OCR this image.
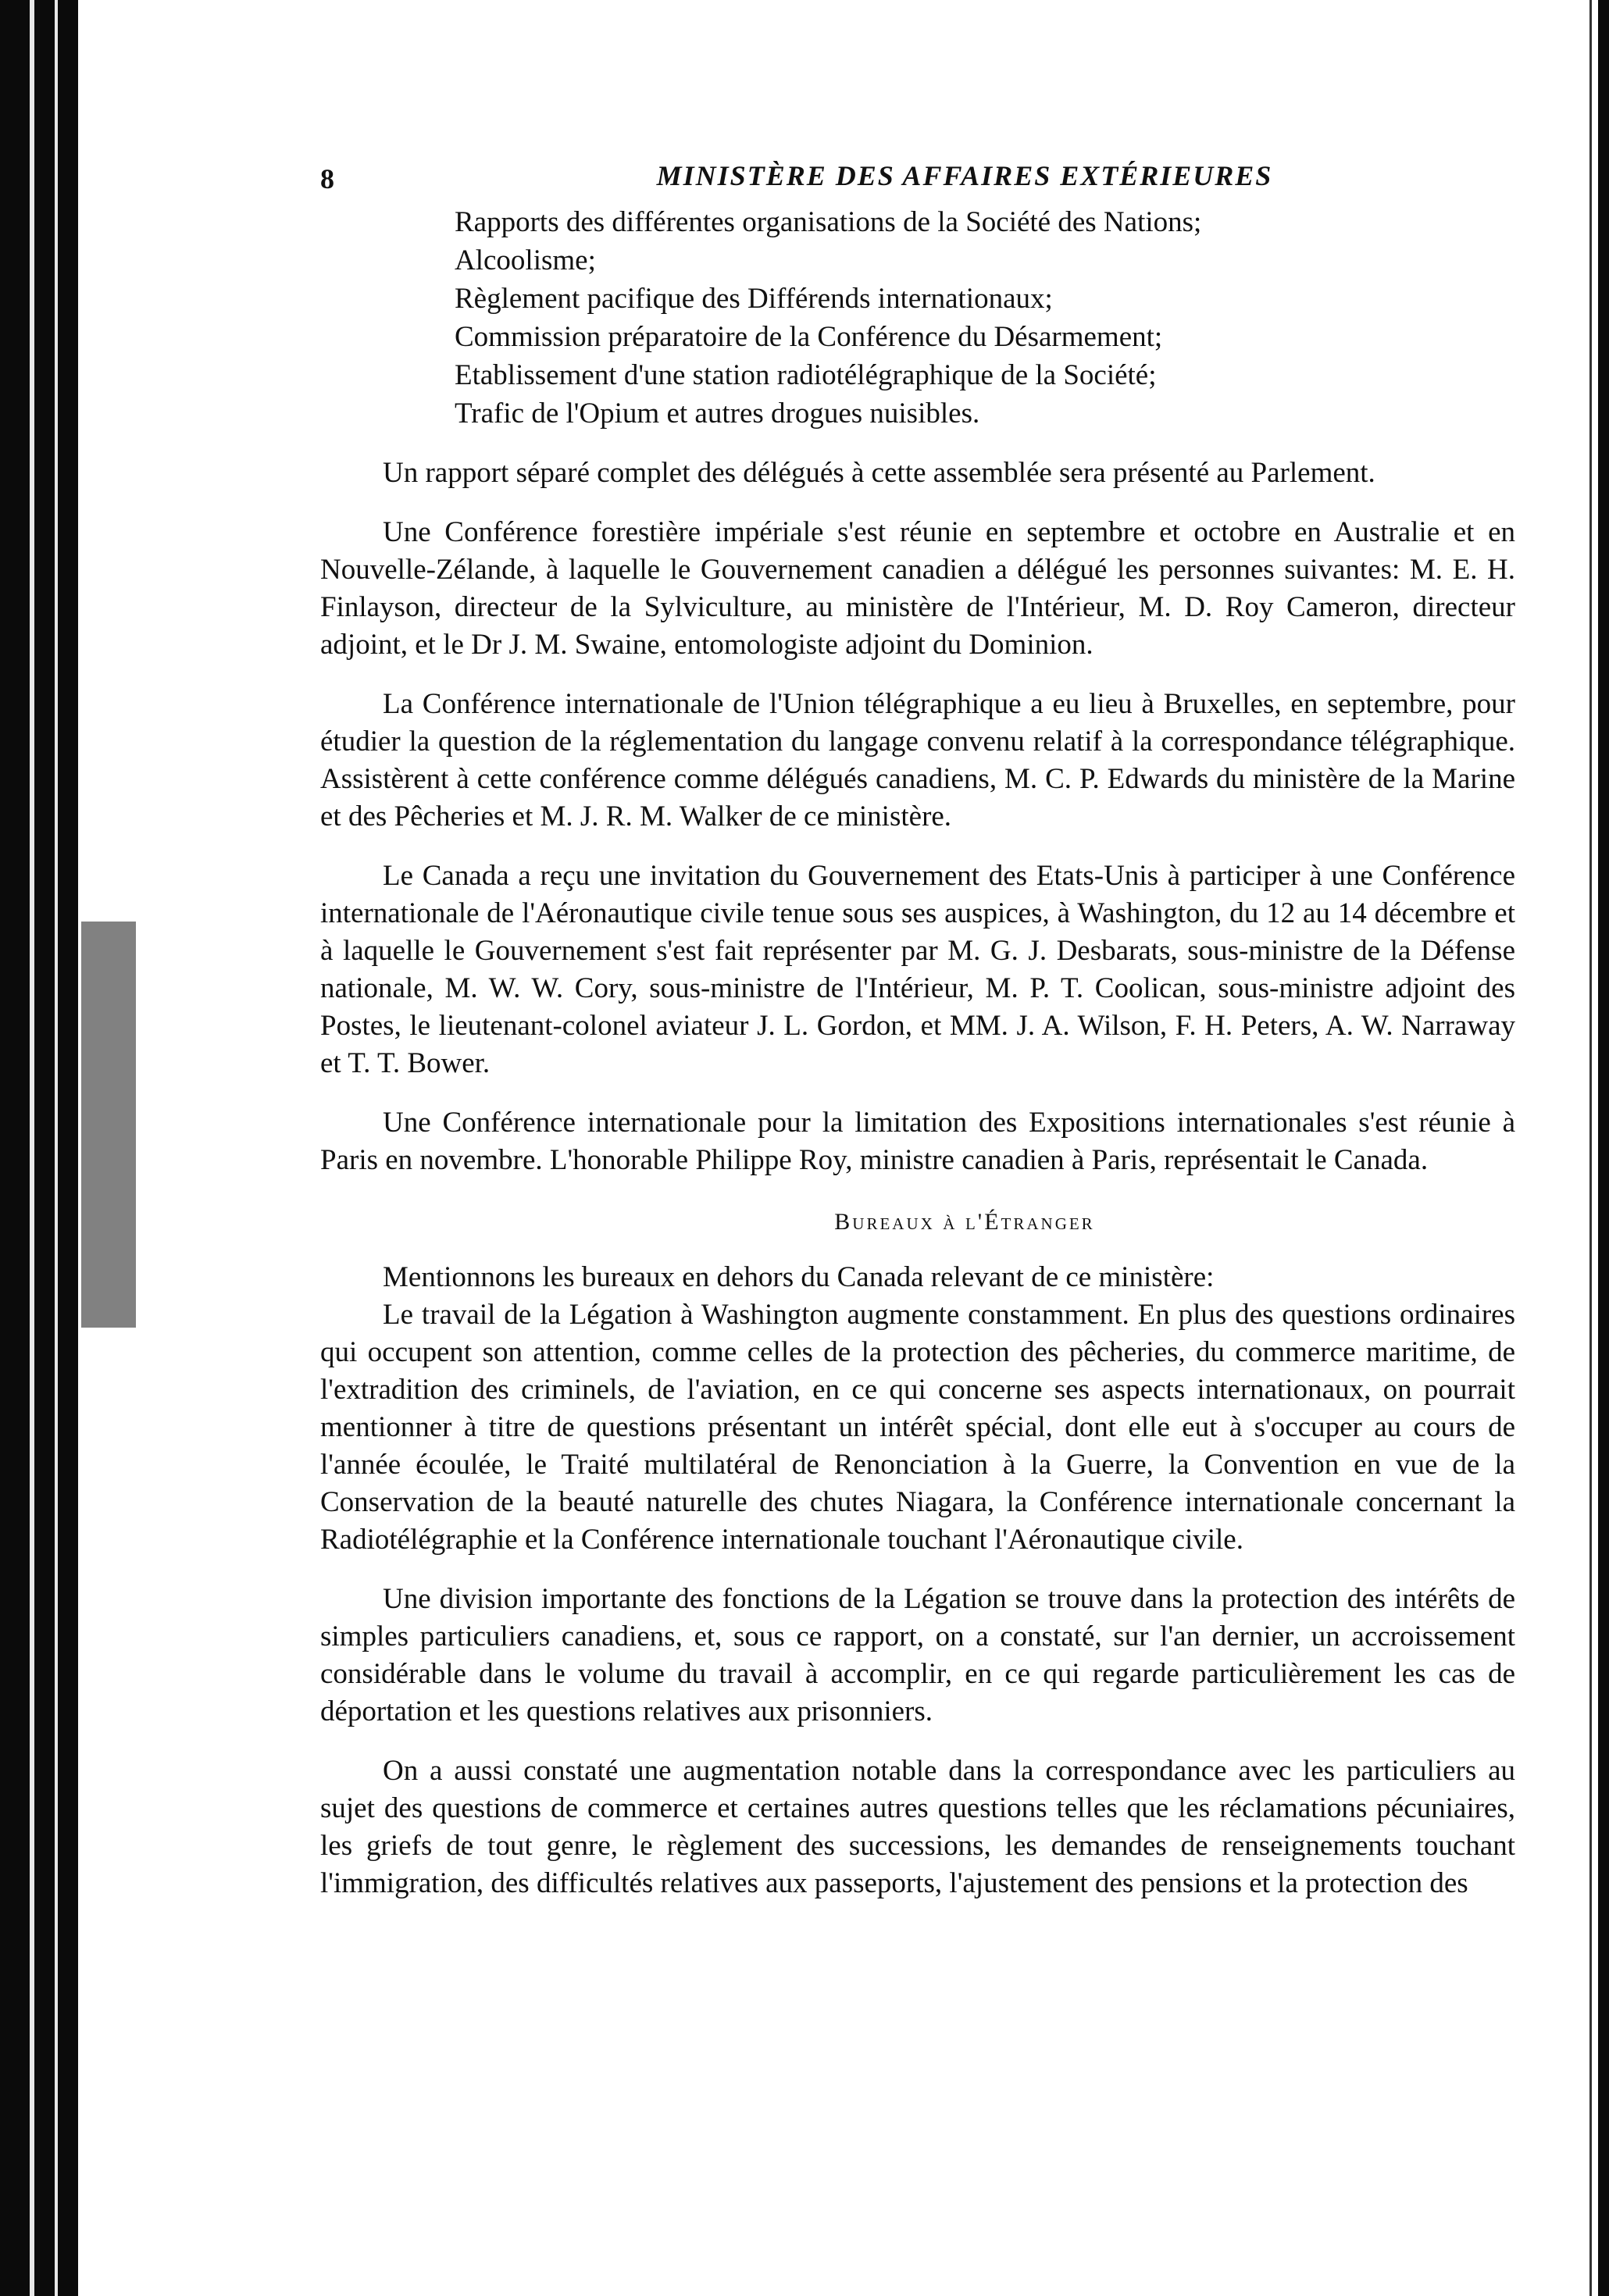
8	MINISTÈRE DES AFFAIRES EXTÉRIEURES
Rapports des différentes organisations de la Société des Nations;
Alcoolisme;
Règlement pacifique des Différends internationaux;
Commission préparatoire de la Conférence du Désarmement;
Etablissement d'une station radiotélégraphique de la Société;
Trafic de l'Opium et autres drogues nuisibles.

Un rapport séparé complet des délégués à cette assemblée sera présenté au Parlement.

Une Conférence forestière impériale s'est réunie en septembre et octobre en Australie et en Nouvelle-Zélande, à laquelle le Gouvernement canadien a délégué les personnes suivantes: M. E. H. Finlayson, directeur de la Sylviculture, au ministère de l'Intérieur, M. D. Roy Cameron, directeur adjoint, et le Dr J. M. Swaine, entomologiste adjoint du Dominion.

La Conférence internationale de l'Union télégraphique a eu lieu à Bruxelles, en septembre, pour étudier la question de la réglementation du langage convenu relatif à la correspondance télégraphique. Assistèrent à cette conférence comme délégués canadiens, M. C. P. Edwards du ministère de la Marine et des Pêcheries et M. J. R. M. Walker de ce ministère.

Le Canada a reçu une invitation du Gouvernement des Etats-Unis à participer à une Conférence internationale de l'Aéronautique civile tenue sous ses auspices, à Washington, du 12 au 14 décembre et à laquelle le Gouvernement s'est fait représenter par M. G. J. Desbarats, sous-ministre de la Défense nationale, M. W. W. Cory, sous-ministre de l'Intérieur, M. P. T. Coolican, sous-ministre adjoint des Postes, le lieutenant-colonel aviateur J. L. Gordon, et MM. J. A. Wilson, F. H. Peters, A. W. Narraway et T. T. Bower.

Une Conférence internationale pour la limitation des Expositions internationales s'est réunie à Paris en novembre. L'honorable Philippe Roy, ministre canadien à Paris, représentait le Canada.

Bureaux à l'Étranger

Mentionnons les bureaux en dehors du Canada relevant de ce ministère:

Le travail de la Légation à Washington augmente constamment. En plus des questions ordinaires qui occupent son attention, comme celles de la protection des pêcheries, du commerce maritime, de l'extradition des criminels, de l'aviation, en ce qui concerne ses aspects internationaux, on pourrait mentionner à titre de questions présentant un intérêt spécial, dont elle eut à s'occuper au cours de l'année écoulée, le Traité multilatéral de Renonciation à la Guerre, la Convention en vue de la Conservation de la beauté naturelle des chutes Niagara, la Conférence internationale concernant la Radiotélégraphie et la Conférence internationale touchant l'Aéronautique civile.

Une division importante des fonctions de la Légation se trouve dans la protection des intérêts de simples particuliers canadiens, et, sous ce rapport, on a constaté, sur l'an dernier, un accroissement considérable dans le volume du travail à accomplir, en ce qui regarde particulièrement les cas de déportation et les questions relatives aux prisonniers.

On a aussi constaté une augmentation notable dans la correspondance avec les particuliers au sujet des questions de commerce et certaines autres questions telles que les réclamations pécuniaires, les griefs de tout genre, le règlement des successions, les demandes de renseignements touchant l'immigration, des difficultés relatives aux passeports, l'ajustement des pensions et la protection des
